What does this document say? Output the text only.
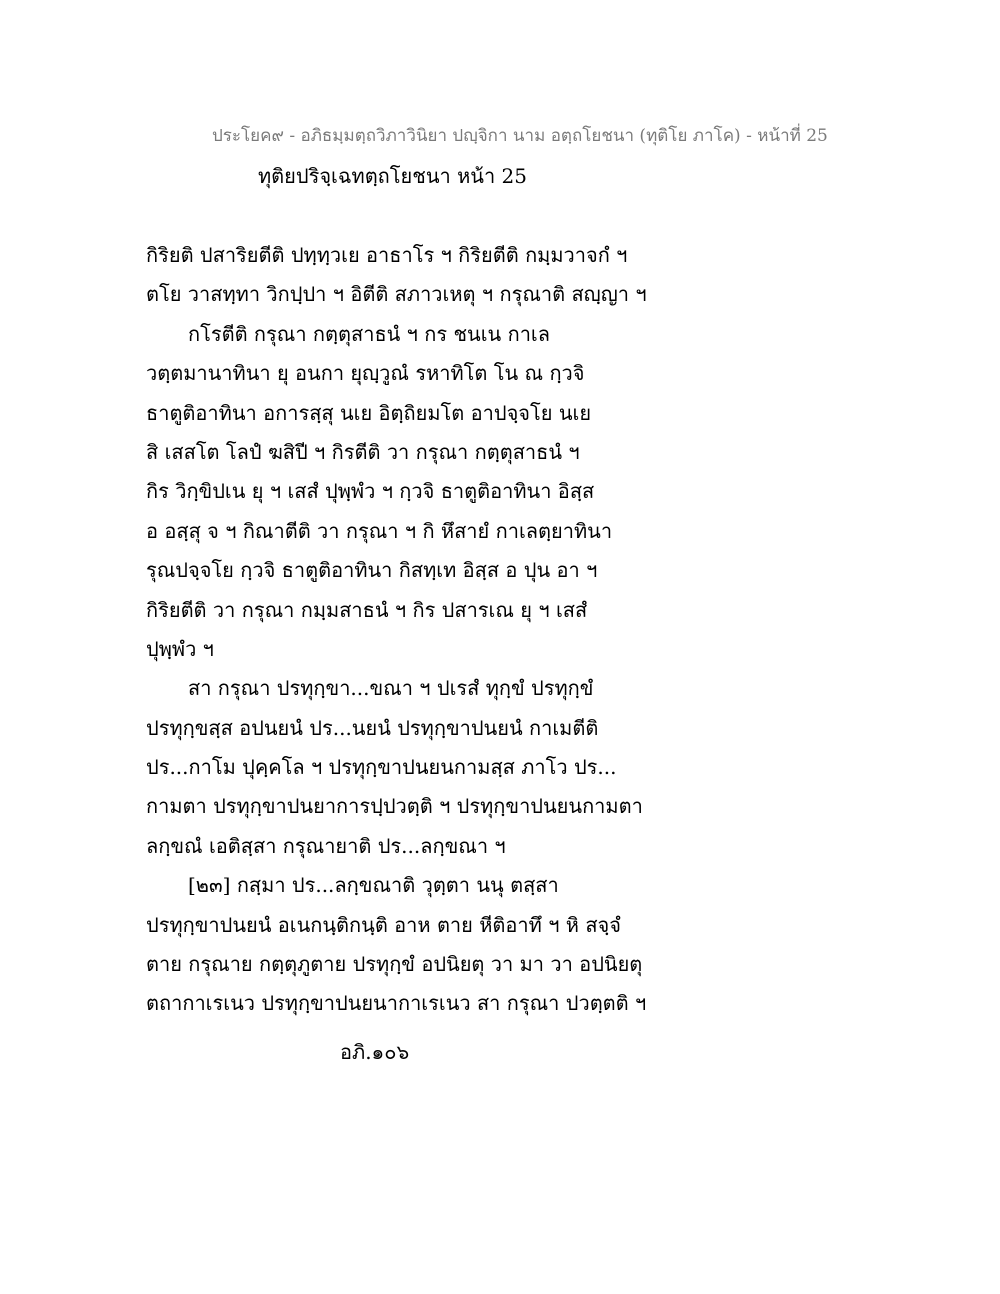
ประโยค๙ - อภิธมฺมตฺถวิภาวินิยา ปญฺจิกา นาม อตฺถโยชนา (ทุติโย ภาโค) - หน้าที่ 25
ทุติยปริจฺเฉทตฺถโยชนา หน้า 25
กิริยติ ปสาริยตีติ ปทฺทฺวเย อาธาโร ฯ กิริยตีติ กมฺมวาจกํ ฯ
ตโย วาสทฺทา วิกปฺปา ฯ อิตีติ สภาวเหตุ ฯ กรุณาติ สญฺญา ฯ
กโรตีติ กรุณา กตฺตุสาธนํ ฯ กร ชนเน กาเล
วตฺตมานาทินา ยุ อนกา ยุญฺวูณํ รหาทิโต โน ณ กฺวจิ
ธาตูติอาทินา อการสฺสุ นเย อิตฺถิยมโต อาปจฺจโย นเย
สิ เสสโต โลปํ ฆสิปี ฯ กิรตีติ วา กรุณา กตฺตุสาธนํ ฯ
กิร วิกฺขิปเน ยุ ฯ เสสํ ปุพฺพํว ฯ กฺวจิ ธาตูติอาทินา อิสฺส
อ อสฺสุ จ ฯ กิณาตีติ วา กรุณา ฯ กิ หึสายํ กาเลตฺยาทินา
รุณปจฺจโย กฺวจิ ธาตูติอาทินา กิสทฺเท อิสฺส อ ปุน อา ฯ
กิริยตีติ วา กรุณา กมฺมสาธนํ ฯ กิร ปสารเณ ยุ ฯ เสสํ
ปุพฺพํว ฯ
สา กรุณา ปรทุกฺขา...ขณา ฯ ปเรสํ ทุกฺขํ ปรทุกฺขํ
ปรทุกฺขสฺส อปนยนํ ปร...นยนํ ปรทุกฺขาปนยนํ กาเมตีติ
ปร...กาโม ปุคฺคโล ฯ ปรทุกฺขาปนยนกามสฺส ภาโว ปร...
กามตา ปรทุกฺขาปนยาการปฺปวตฺติ ฯ ปรทุกฺขาปนยนกามตา
ลกฺขณํ เอติสฺสา กรุณายาติ ปร...ลกฺขณา ฯ
[๒๓] กสฺมา ปร...ลกฺขณาติ วุตฺตา นนุ ตสฺสา
ปรทุกฺขาปนยนํ อเนกนฺติกนฺติ อาห ตาย หีติอาทึ ฯ หิ สจฺจํ
ตาย กรุณาย กตฺตุภูตาย ปรทุกฺขํ อปนิยตุ วา มา วา อปนิยตุ
ตถากาเรเนว ปรทุกฺขาปนยนากาเรเนว สา กรุณา ปวตฺตติ ฯ
อภิ.๑๐๖
